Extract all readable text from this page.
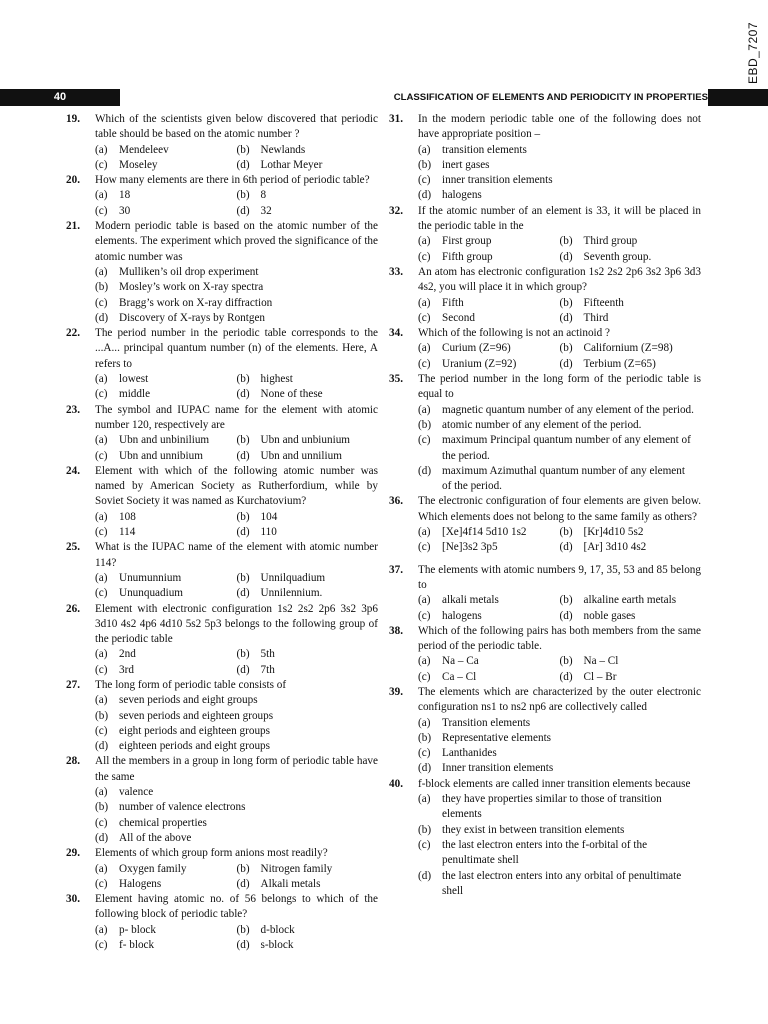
EBD_7207
40	CLASSIFICATION OF ELEMENTS AND PERIODICITY IN PROPERTIES
19. Which of the scientists given below discovered that periodic table should be based on the atomic number ?
(a)	Mendeleev	(b) Newlands
(c)	Moseley	(d) Lothar Meyer
20. How many elements are there in 6th period of periodic table?
(a)	18	(b) 8
(c)	30	(d) 32
21. Modern periodic table is based on the atomic number of the elements. The experiment which proved the significance of the atomic number was
(a)	Mulliken’s oil drop experiment
(b) Mosley’s work on X-ray spectra
(c)	Bragg’s work on X-ray diffraction
(d) Discovery of X-rays by Rontgen
22. The period number in the periodic table corresponds to the ...A... principal quantum number (n) of the elements. Here, A refers to
(a)	lowest	(b) highest
(c)	middle	(d) None of these
23. The symbol and IUPAC name for the element with atomic number 120, respectively are
(a)	Ubn and unbinilium	(b) Ubn and unbiunium
(c)	Ubn and unnibium	(d) Ubn and unnilium
24. Element with which of the following atomic number was named by American Society as Rutherfordium, while by Soviet Society it was named as Kurchatovium?
(a)	108	(b) 104
(c)	114	(d) 110
25. What is the IUPAC name of the element with atomic number 114?
(a)	Unumunnium	(b) Unnilquadium
(c)	Ununquadium	(d) Unnilennium.
26. Element with electronic configuration 1s2 2s2 2p6 3s2 3p6 3d10 4s2 4p6 4d10 5s2 5p3 belongs to the following group of the periodic table
(a)	2nd	(b) 5th
(c)	3rd	(d) 7th
27. The long form of periodic table consists of
(a)	seven periods and eight groups
(b) seven periods and eighteen groups
(c)	eight periods and eighteen groups
(d) eighteen periods and eight groups
28. All the members in a group in long form of periodic table have the same
(a)	valence
(b) number of valence electrons
(c)	chemical properties
(d) All of the above
29. Elements of which group form anions most readily?
(a)	Oxygen family	(b) Nitrogen family
(c)	Halogens	(d) Alkali metals
30. Element having atomic no. of 56 belongs to which of the following block of periodic table?
(a)	p- block	(b) d-block
(c)	f- block	(d) s-block
31. In the modern periodic table one of the following does not have appropriate position –
(a)	transition elements
(b) inert gases
(c)	inner transition elements
(d) halogens
32. If the atomic number of an element is 33, it will be placed in the periodic table in the
(a)	First group	(b) Third group
(c)	Fifth group	(d) Seventh group.
33. An atom has electronic configuration 1s2 2s2 2p6 3s2 3p6 3d3 4s2, you will place it in which group?
(a)	Fifth	(b) Fifteenth
(c)	Second	(d) Third
34. Which of the following is not an actinoid ?
(a)	Curium (Z=96)	(b) Californium (Z=98)
(c)	Uranium (Z=92)	(d) Terbium (Z=65)
35. The period number in the long form of the periodic table is equal to
(a)	magnetic quantum number of any element of the period.
(b) atomic number of any element of the period.
(c)	maximum Principal quantum number of any element of the period.
(d) maximum Azimuthal quantum number of any element of the period.
36. The electronic configuration of four elements are given below. Which elements does not belong to the same family as others?
(a)	[Xe]4f14 5d10 1s2	(b) [Kr]4d10 5s2
(c)	[Ne]3s2 3p5	(d) [Ar] 3d10 4s2
37. The elements with atomic numbers 9, 17, 35, 53 and 85 belong to
(a)	alkali metals	(b) alkaline earth metals
(c)	halogens	(d) noble gases
38. Which of the following pairs has both members from the same period of the periodic table.
(a)	Na – Ca	(b) Na – Cl
(c)	Ca – Cl	(d) Cl – Br
39. The elements which are characterized by the outer electronic configuration ns1 to ns2 np6 are collectively called
(a)	Transition elements
(b) Representative elements
(c)	Lanthanides
(d) Inner transition elements
40. f-block elements are called inner transition elements because
(a)	they have properties similar to those of transition elements
(b) they exist in between transition elements
(c)	the last electron enters into the f-orbital of the penultimate shell
(d) the last electron enters into any orbital of penultimate shell
